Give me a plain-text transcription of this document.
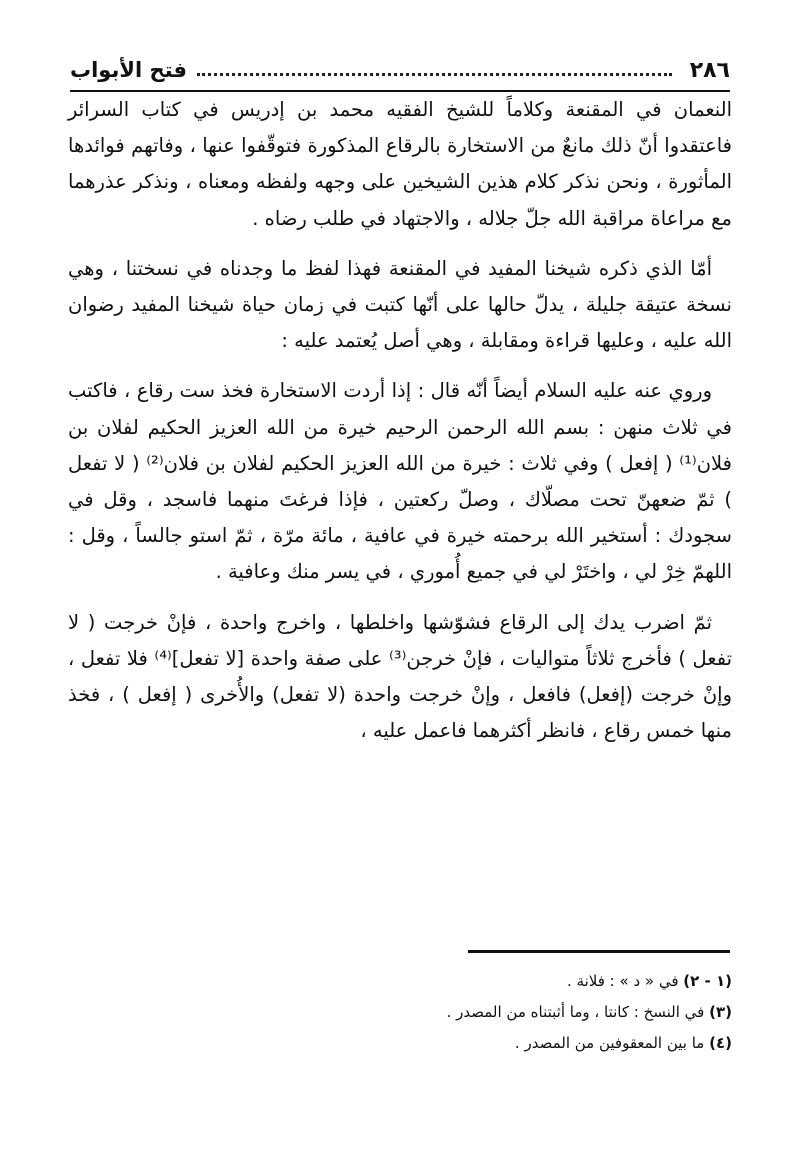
٢٨٦
فتح الأبواب

النعمان في المقنعة وكلاماً للشيخ الفقيه محمد بن إدريس في كتاب السرائر فاعتقدوا أنّ ذلك مانعٌ من الاستخارة بالرقاع المذكورة فتوقّفوا عنها ، وفاتهم فوائدها المأثورة ، ونحن نذكر كلام هذين الشيخين على وجهه ولفظه ومعناه ، ونذكر عذرهما مع مراعاة مراقبة الله جلّ جلاله ، والاجتهاد في طلب رضاه .

أمّا الذي ذكره شيخنا المفيد في المقنعة فهذا لفظ ما وجدناه في نسختنا ، وهي نسخة عتيقة جليلة ، يدلّ حالها على أنّها كتبت في زمان حياة شيخنا المفيد رضوان الله عليه ، وعليها قراءة ومقابلة ، وهي أصل يُعتمد عليه :

وروي عنه عليه السلام أيضاً أنّه قال : إذا أردت الاستخارة فخذ ست رقاع ، فاكتب في ثلاث منهن : بسم الله الرحمن الرحيم خيرة من الله العزيز الحكيم لفلان بن فلان⁽¹⁾ ( إفعل ) وفي ثلاث : خيرة من الله العزيز الحكيم لفلان بن فلان⁽²⁾ ( لا تفعل ) ثمّ ضعهنّ تحت مصلّاك ، وصلّ ركعتين ، فإذا فرغتَ منهما فاسجد ، وقل في سجودك : أستخير الله برحمته خيرة في عافية ، مائة مرّة ، ثمّ استو جالساً ، وقل : اللهمّ خِرْ لي ، واختَرْ لي في جميع أُموري ، في يسر منك وعافية .

ثمّ اضرب يدك إلى الرقاع فشوّشها واخلطها ، واخرج واحدة ، فإنْ خرجت ( لا تفعل ) فأخرج ثلاثاً متواليات ، فإنْ خرجن⁽³⁾ على صفة واحدة [لا تفعل]⁽⁴⁾ فلا تفعل ، وإنْ خرجت (إفعل) فافعل ، وإنْ خرجت واحدة (لا تفعل) والأُخرى ( إفعل ) ، فخذ منها خمس رقاع ، فانظر أكثرهما فاعمل عليه ،

(١ - ٢) في « د » : فلانة .

(٣) في النسخ : كانتا ، وما أثبتناه من المصدر .

(٤) ما بين المعقوفين من المصدر .
